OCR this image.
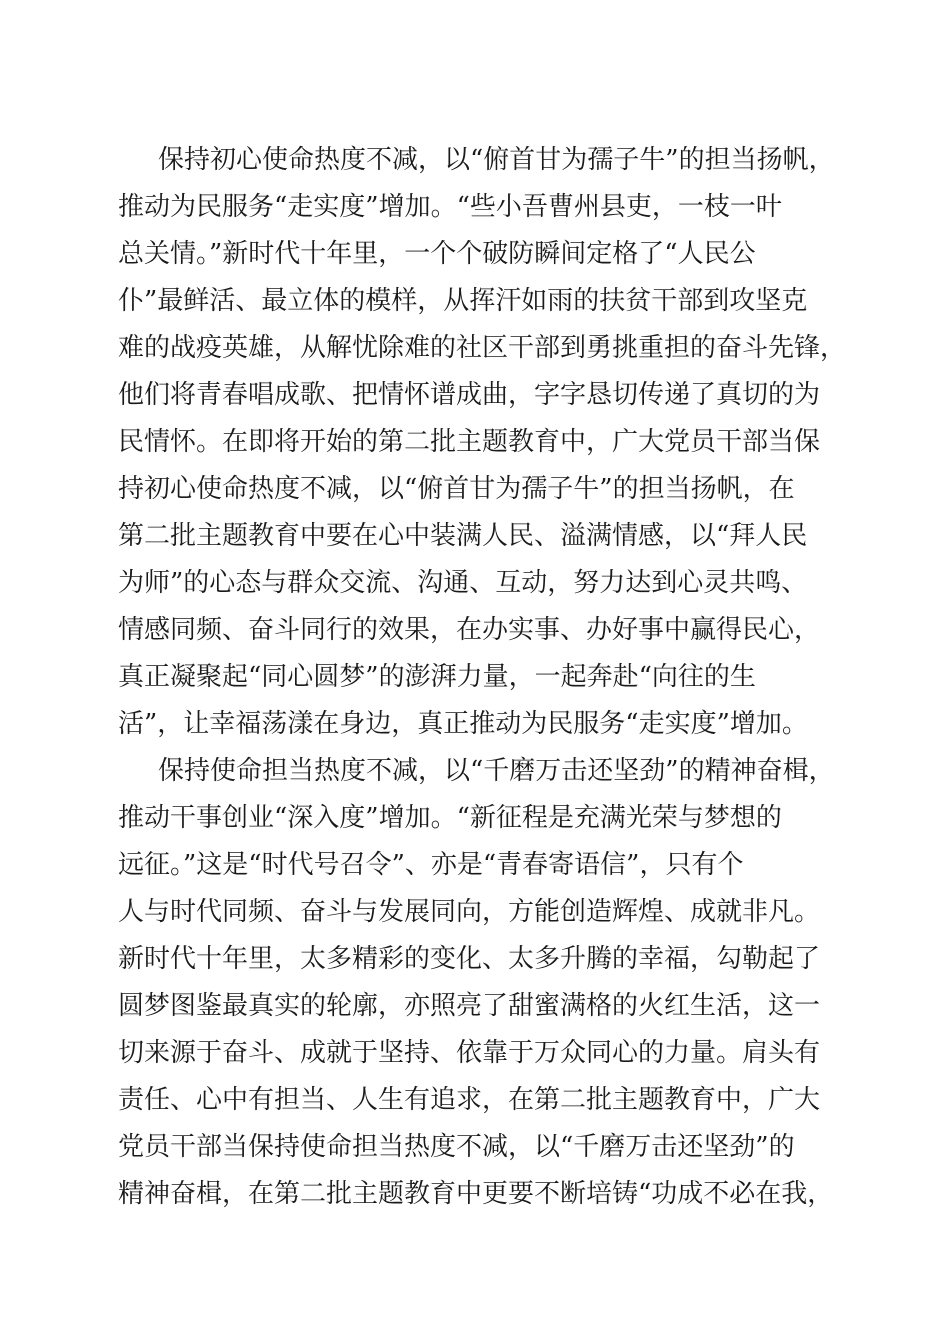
保持初心使命热度不减，以“俯首甘为孺子牛”的担当扬帆，
推动为民服务“走实度”增加。“些小吾曹州县吏，一枝一叶
总关情。”新时代十年里，一个个破防瞬间定格了“人民公
仆”最鲜活、最立体的模样，从挥汗如雨的扶贫干部到攻坚克
难的战疫英雄，从解忧除难的社区干部到勇挑重担的奋斗先锋，
他们将青春唱成歌、把情怀谱成曲，字字恳切传递了真切的为
民情怀。在即将开始的第二批主题教育中，广大党员干部当保
持初心使命热度不减，以“俯首甘为孺子牛”的担当扬帆，在
第二批主题教育中要在心中装满人民、溢满情感，以“拜人民
为师”的心态与群众交流、沟通、互动，努力达到心灵共鸣、
情感同频、奋斗同行的效果，在办实事、办好事中赢得民心，
真正凝聚起“同心圆梦”的澎湃力量，一起奔赴“向往的生
活”，让幸福荡漾在身边，真正推动为民服务“走实度”增加。
保持使命担当热度不减，以“千磨万击还坚劲”的精神奋楫，
推动干事创业“深入度”增加。“新征程是充满光荣与梦想的
远征。”这是“时代号召令”、亦是“青春寄语信”，只有个
人与时代同频、奋斗与发展同向，方能创造辉煌、成就非凡。
新时代十年里，太多精彩的变化、太多升腾的幸福，勾勒起了
圆梦图鉴最真实的轮廓，亦照亮了甜蜜满格的火红生活，这一
切来源于奋斗、成就于坚持、依靠于万众同心的力量。肩头有
责任、心中有担当、人生有追求，在第二批主题教育中，广大
党员干部当保持使命担当热度不减，以“千磨万击还坚劲”的
精神奋楫，在第二批主题教育中更要不断培铸“功成不必在我，
